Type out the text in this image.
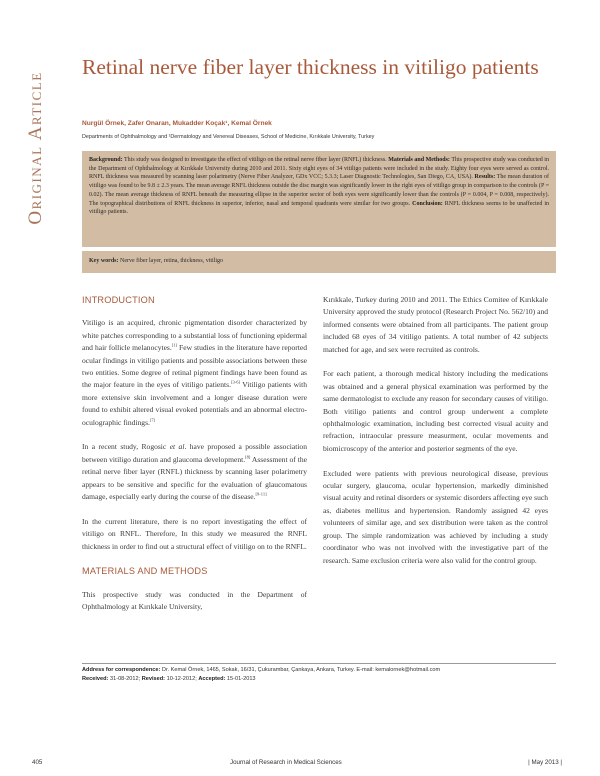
Original Article
Retinal nerve fiber layer thickness in vitiligo patients
Nurgül Örnek, Zafer Onaran, Mukadder Koçak¹, Kemal Örnek
Departments of Ophthalmology and ¹Dermatology and Venereal Diseases, School of Medicine, Kırıkkale University, Turkey

Background: This study was designed to investigate the effect of vitiligo on the retinal nerve fiber layer (RNFL) thickness. Materials and Methods: This prospective study was conducted in the Department of Ophthalmology at Kırıkkale University during 2010 and 2011. Sixty eight eyes of 34 vitiligo patients were included in the study. Eighty four eyes were served as control. RNFL thickness was measured by scanning laser polarimetry (Nerve Fiber Analyzer, GDx VCC; 5.3.3; Laser Diagnostic Technologies, San Diego, CA, USA). Results: The mean duration of vitiligo was found to be 9.8 ± 2.3 years. The mean average RNFL thickness outside the disc margin was significantly lower in the right eyes of vitiligo group in comparison to the controls (P = 0.02). The mean average thickness of RNFL beneath the measuring ellipse in the superior sector of both eyes were significantly lower than the controls (P = 0.004, P = 0.008, respectively). The topographical distributions of RNFL thickness in superior, inferior, nasal and temporal quadrants were similar for two groups. Conclusion: RNFL thickness seems to be unaffected in vitiligo patients.

Key words: Nerve fiber layer, retina, thickness, vitiligo
INTRODUCTION

Vitiligo is an acquired, chronic pigmentation disorder characterized by white patches corresponding to a substantial loss of functioning epidermal and hair follicle melanocytes.[1] Few studies in the literature have reported ocular findings in vitiligo patients and possible associations between these two entities. Some degree of retinal pigment findings have been found as the major feature in the eyes of vitiligo patients.[3-6] Vitiligo patients with more extensive skin involvement and a longer disease duration were found to exhibit altered visual evoked potentials and an abnormal electro-oculographic findings.[7]

In a recent study, Rogosic et al. have proposed a possible association between vitiligo duration and glaucoma development.[8] Assessment of the retinal nerve fiber layer (RNFL) thickness by scanning laser polarimetry appears to be sensitive and specific for the evaluation of glaucomatous damage, especially early during the course of the disease.[9-11]

In the current literature, there is no report investigating the effect of vitiligo on RNFL. Therefore, In this study we measured the RNFL thickness in order to find out a structural effect of vitiligo on to the RNFL.

MATERIALS AND METHODS

This prospective study was conducted in the Department of Ophthalmology at Kırıkkale University,

Kırıkkale, Turkey during 2010 and 2011. The Ethics Comitee of Kırıkkale University approved the study protocol (Research Project No. 562/10) and informed consents were obtained from all participants. The patient group included 68 eyes of 34 vitiligo patients. A total number of 42 subjects matched for age, and sex were recruited as controls.

For each patient, a thorough medical history including the medications was obtained and a general physical examination was performed by the same dermatologist to exclude any reason for secondary causes of vitiligo. Both vitiligo patients and control group underwent a complete ophthalmologic examination, including best corrected visual acuity and refraction, intraocular pressure measurment, ocular movements and biomicroscopy of the anterior and posterior segments of the eye.

Excluded were patients with previous neurological disease, previous ocular surgery, glaucoma, ocular hypertension, markedly diminished visual acuity and retinal disorders or systemic disorders affecting eye such as, diabetes mellitus and hypertension. Randomly assigned 42 eyes volunteers of similar age, and sex distribution were taken as the control group. The simple randomization was achieved by including a study coordinator who was not involved with the investigative part of the research. Same exclusion criteria were also valid for the control group.

Address for correspondence: Dr. Kemal Örnek, 1465, Sokak, 16/31, Çukurambar, Çankaya, Ankara, Turkey. E-mail: kemalornek@hotmail.com
Received: 31-08-2012; Revised: 10-12-2012; Accepted: 15-01-2013
405	Journal of Research in Medical Sciences	| May 2013 |
